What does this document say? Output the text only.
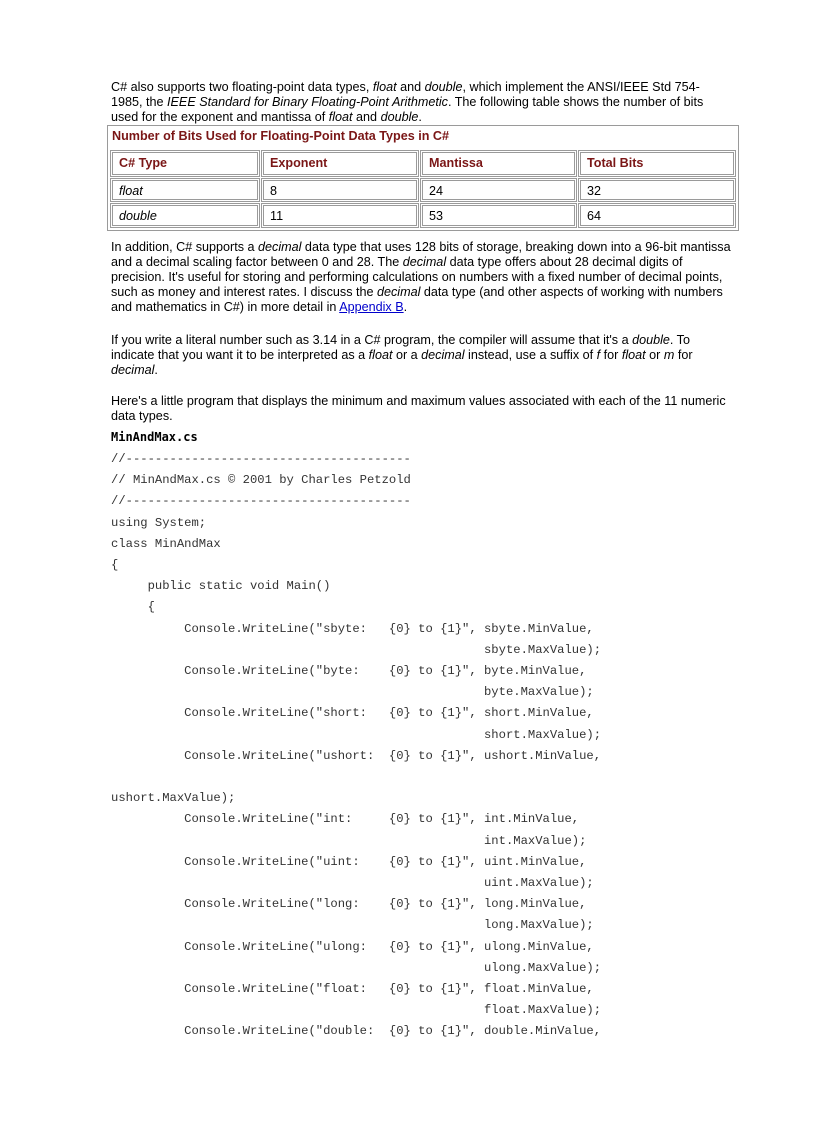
C# also supports two floating-point data types, float and double, which implement the ANSI/IEEE Std 754-1985, the IEEE Standard for Binary Floating-Point Arithmetic. The following table shows the number of bits used for the exponent and mantissa of float and double.

Number of Bits Used for Floating-Point Data Types in C#
C# Type	Exponent	Mantissa	Total Bits
float	8	24	32
double	11	53	64

In addition, C# supports a decimal data type that uses 128 bits of storage, breaking down into a 96-bit mantissa and a decimal scaling factor between 0 and 28. The decimal data type offers about 28 decimal digits of precision. It's useful for storing and performing calculations on numbers with a fixed number of decimal points, such as money and interest rates. I discuss the decimal data type (and other aspects of working with numbers and mathematics in C#) in more detail in Appendix B.

If you write a literal number such as 3.14 in a C# program, the compiler will assume that it's a double. To indicate that you want it to be interpreted as a float or a decimal instead, use a suffix of f for float or m for decimal.

Here's a little program that displays the minimum and maximum values associated with each of the 11 numeric data types.

MinAndMax.cs
//---------------------------------------
// MinAndMax.cs © 2001 by Charles Petzold
//---------------------------------------
using System;
class MinAndMax
{
public static void Main()
{
Console.WriteLine("sbyte:   {0} to {1}", sbyte.MinValue,
sbyte.MaxValue);
Console.WriteLine("byte:    {0} to {1}", byte.MinValue,
byte.MaxValue);
Console.WriteLine("short:   {0} to {1}", short.MinValue,
short.MaxValue);
Console.WriteLine("ushort:  {0} to {1}", ushort.MinValue,

ushort.MaxValue);
Console.WriteLine("int:     {0} to {1}", int.MinValue,
int.MaxValue);
Console.WriteLine("uint:    {0} to {1}", uint.MinValue,
uint.MaxValue);
Console.WriteLine("long:    {0} to {1}", long.MinValue,
long.MaxValue);
Console.WriteLine("ulong:   {0} to {1}", ulong.MinValue,
ulong.MaxValue);
Console.WriteLine("float:   {0} to {1}", float.MinValue,
float.MaxValue);
Console.WriteLine("double:  {0} to {1}", double.MinValue,
